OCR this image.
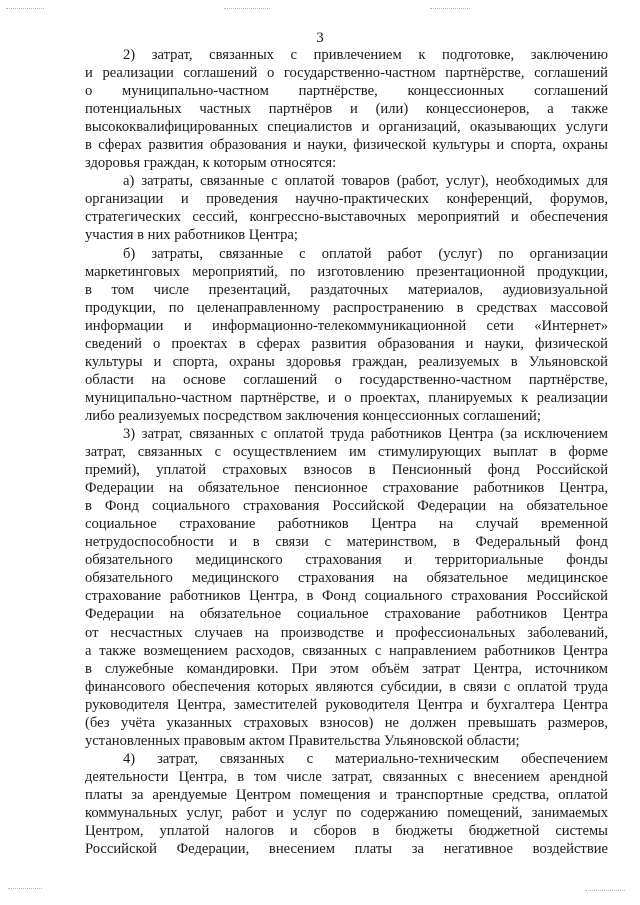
3
2) затрат, связанных с привлечением к подготовке, заключению
и реализации соглашений о государственно-частном партнёрстве, соглашений
о муниципально-частном партнёрстве, концессионных соглашений
потенциальных частных партнёров и (или) концессионеров, а также
высококвалифицированных специалистов и организаций, оказывающих услуги
в сферах развития образования и науки, физической культуры и спорта, охраны
здоровья граждан, к которым относятся:
а) затраты, связанные с оплатой товаров (работ, услуг), необходимых для
организации и проведения научно-практических конференций, форумов,
стратегических сессий, конгрессно-выставочных мероприятий и обеспечения
участия в них работников Центра;
б) затраты, связанные с оплатой работ (услуг) по организации
маркетинговых мероприятий, по изготовлению презентационной продукции,
в том числе презентаций, раздаточных материалов, аудиовизуальной
продукции, по целенаправленному распространению в средствах массовой
информации и информационно-телекоммуникационной сети «Интернет»
сведений о проектах в сферах развития образования и науки, физической
культуры и спорта, охраны здоровья граждан, реализуемых в Ульяновской
области на основе соглашений о государственно-частном партнёрстве,
муниципально-частном партнёрстве, и о проектах, планируемых к реализации
либо реализуемых посредством заключения концессионных соглашений;
3) затрат, связанных с оплатой труда работников Центра (за исключением
затрат, связанных с осуществлением им стимулирующих выплат в форме
премий), уплатой страховых взносов в Пенсионный фонд Российской
Федерации на обязательное пенсионное страхование работников Центра,
в Фонд социального страхования Российской Федерации на обязательное
социальное страхование работников Центра на случай временной
нетрудоспособности и в связи с материнством, в Федеральный фонд
обязательного медицинского страхования и территориальные фонды
обязательного медицинского страхования на обязательное медицинское
страхование работников Центра, в Фонд социального страхования Российской
Федерации на обязательное социальное страхование работников Центра
от несчастных случаев на производстве и профессиональных заболеваний,
а также возмещением расходов, связанных с направлением работников Центра
в служебные командировки. При этом объём затрат Центра, источником
финансового обеспечения которых являются субсидии, в связи с оплатой труда
руководителя Центра, заместителей руководителя Центра и бухгалтера Центра
(без учёта указанных страховых взносов) не должен превышать размеров,
установленных правовым актом Правительства Ульяновской области;
4) затрат, связанных с материально-техническим обеспечением
деятельности Центра, в том числе затрат, связанных с внесением арендной
платы за арендуемые Центром помещения и транспортные средства, оплатой
коммунальных услуг, работ и услуг по содержанию помещений, занимаемых
Центром, уплатой налогов и сборов в бюджеты бюджетной системы
Российской Федерации, внесением платы за негативное воздействие
